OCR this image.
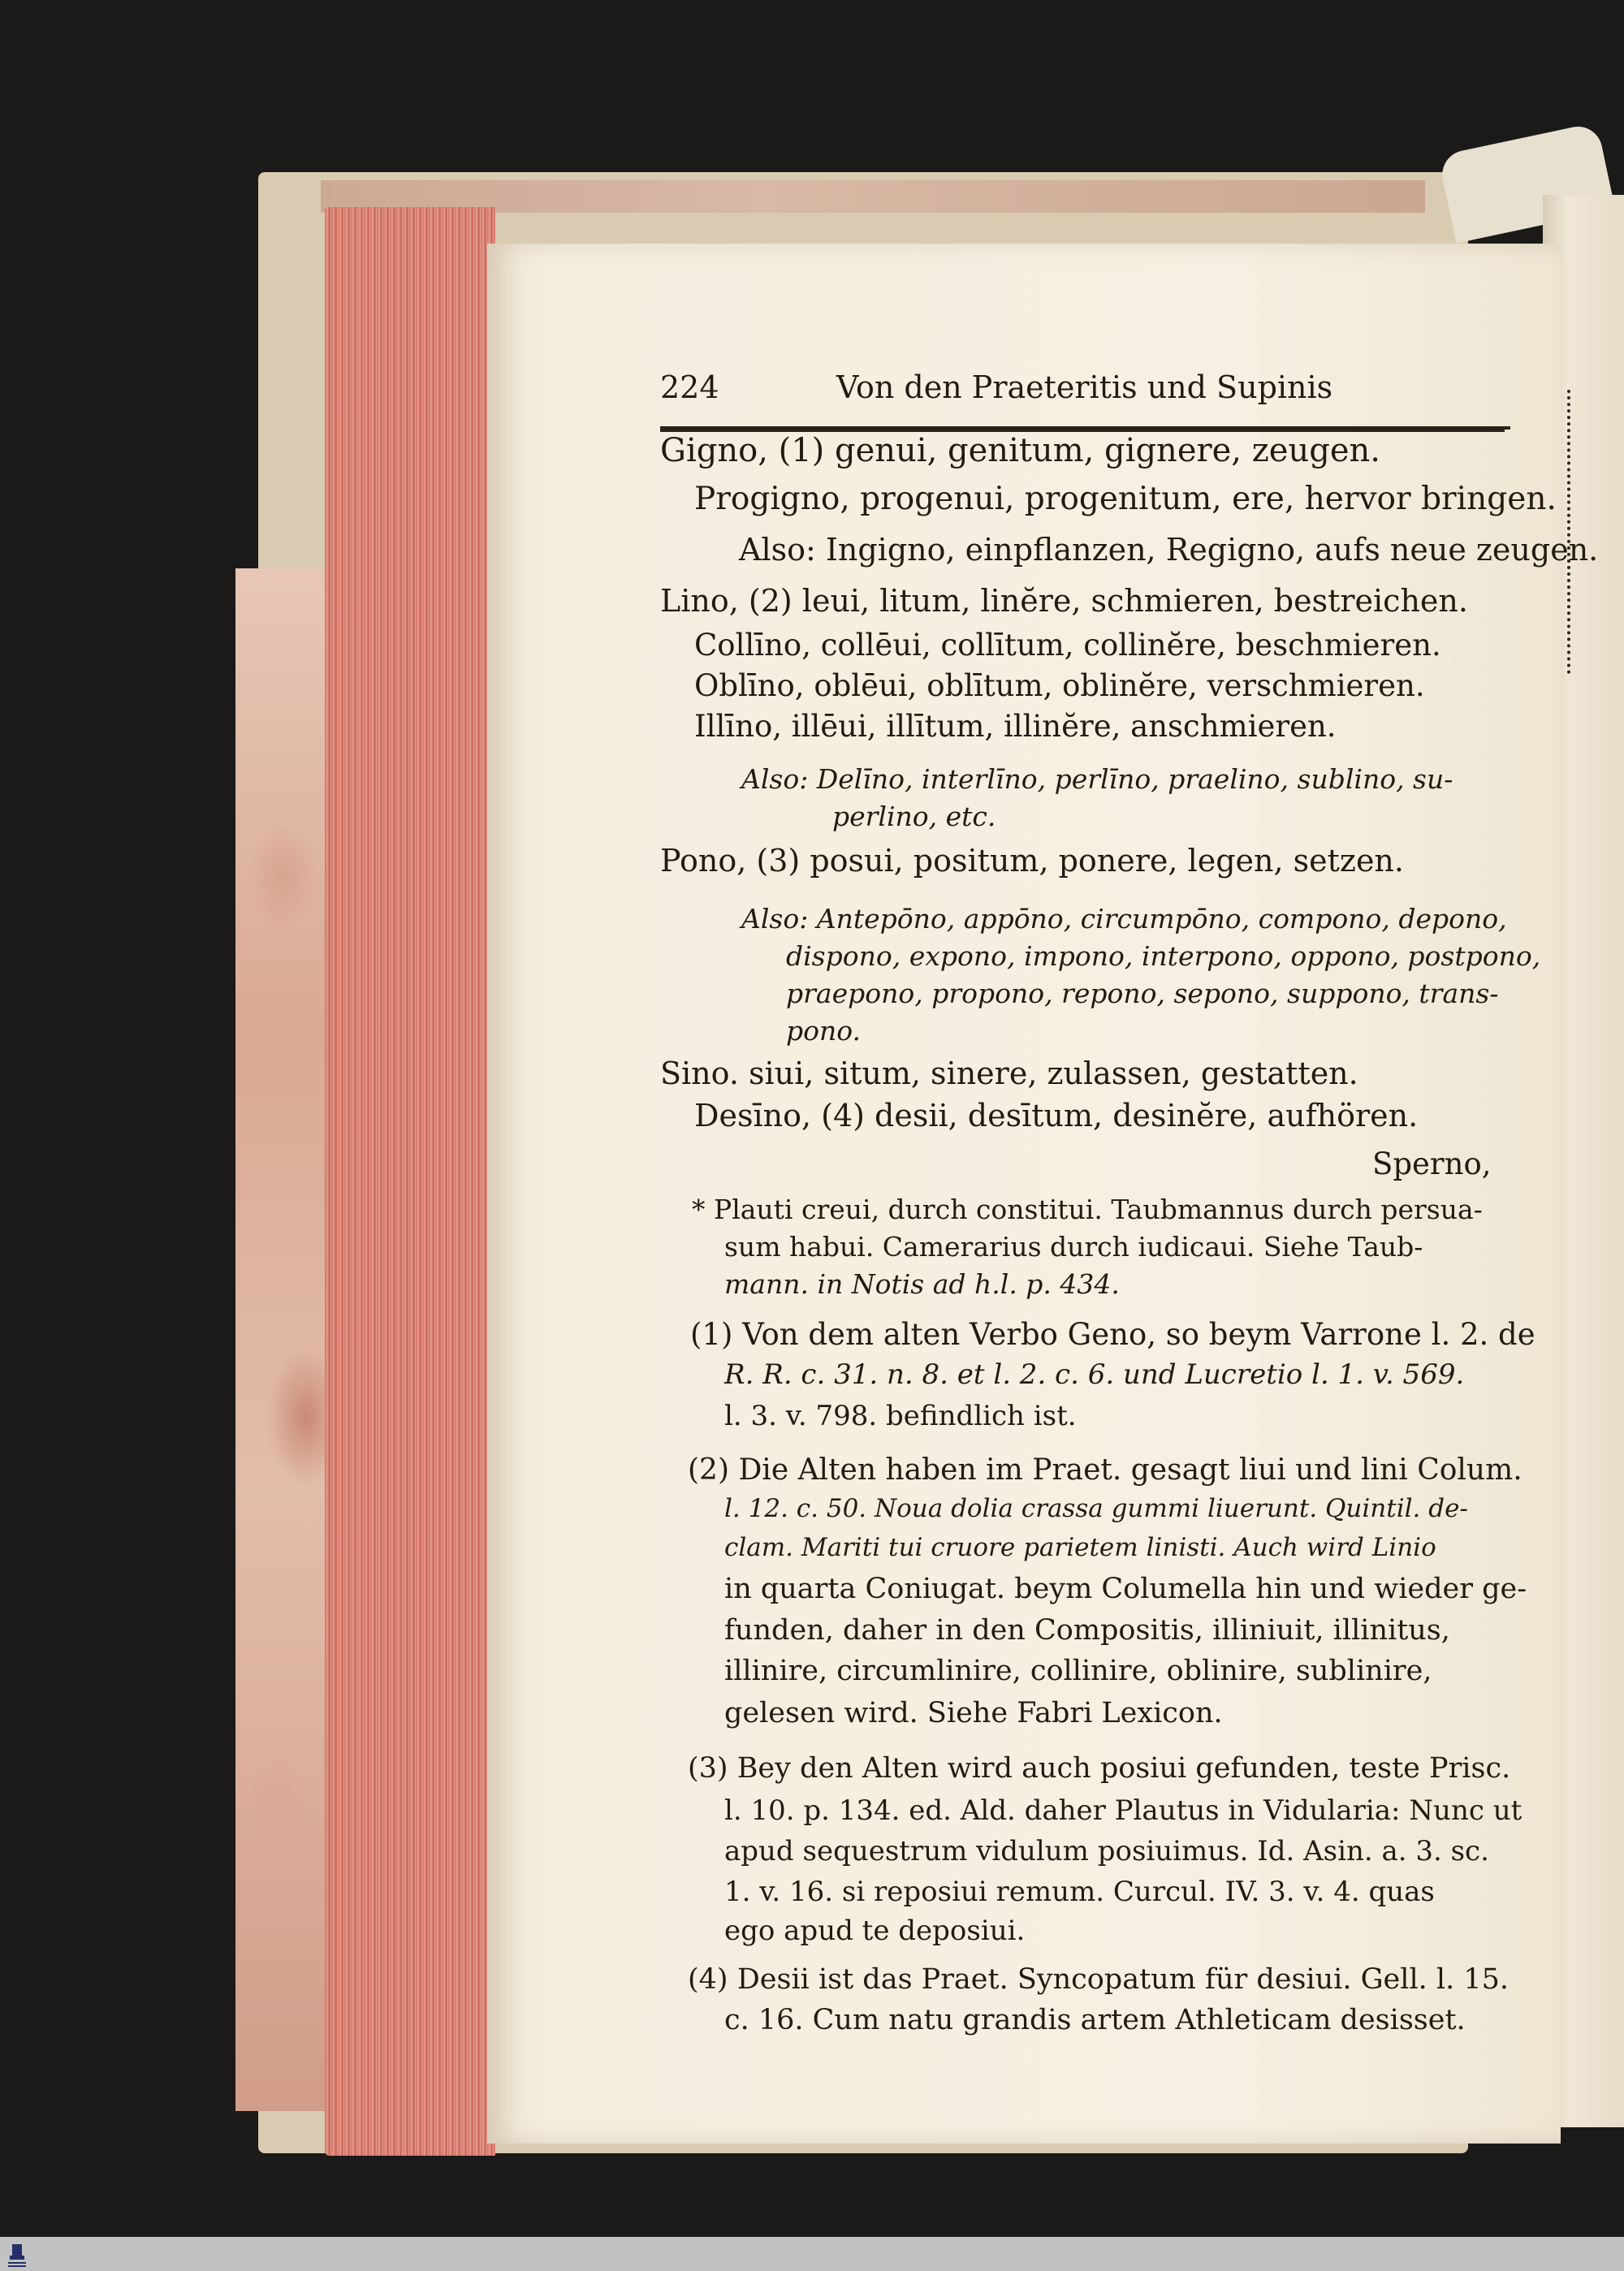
224	Von den Praeteritis und Supinis
Gigno, (1) genui, genitum, gignere, zeugen.
Progigno, progenui, progenitum, ere, hervor bringen.
Also: Ingigno, einpflanzen, Regigno, aufs neue zeugen.
Lino, (2) leui, litum, linĕre, schmieren, bestreichen.
Collīno, collēui, collītum, collinĕre, beschmieren.
Oblīno, oblēui, oblītum, oblinĕre, verschmieren.
Illīno, illēui, illītum, illinĕre, anschmieren.
Also: Delīno, interlīno, perlīno, praelino, sublino, su-
perlino, etc.
Pono, (3) posui, positum, ponere, legen, setzen.
Also: Antepōno, appōno, circumpōno, compono, depono,
dispono, expono, impono, interpono, oppono, postpono,
praepono, propono, repono, sepono, suppono, trans-
pono.
Sino. siui, situm, sinere, zulassen, gestatten.
Desīno, (4) desii, desītum, desinĕre, aufhören.
Sperno,
* Plauti creui, durch constitui. Taubmannus durch persua-
sum habui. Camerarius durch iudicaui. Siehe Taub-
mann. in Notis ad h.l. p. 434.
(1) Von dem alten Verbo Geno, so beym Varrone l. 2. de
R. R. c. 31. n. 8. et l. 2. c. 6. und Lucretio l. 1. v. 569.
l. 3. v. 798. befindlich ist.
(2) Die Alten haben im Praet. gesagt liui und lini Colum.
l. 12. c. 50. Noua dolia crassa gummi liuerunt. Quintil. de-
clam. Mariti tui cruore parietem linisti. Auch wird Linio
in quarta Coniugat. beym Columella hin und wieder ge-
funden, daher in den Compositis, illiniuit, illinitus,
illinire, circumlinire, collinire, oblinire, sublinire,
gelesen wird. Siehe Fabri Lexicon.
(3) Bey den Alten wird auch posiui gefunden, teste Prisc.
l. 10. p. 134. ed. Ald. daher Plautus in Vidularia: Nunc ut
apud sequestrum vidulum posiuimus. Id. Asin. a. 3. sc.
1. v. 16. si reposiui remum. Curcul. IV. 3. v. 4. quas
ego apud te deposiui.
(4) Desii ist das Praet. Syncopatum für desiui. Gell. l. 15.
c. 16. Cum natu grandis artem Athleticam desisset.
